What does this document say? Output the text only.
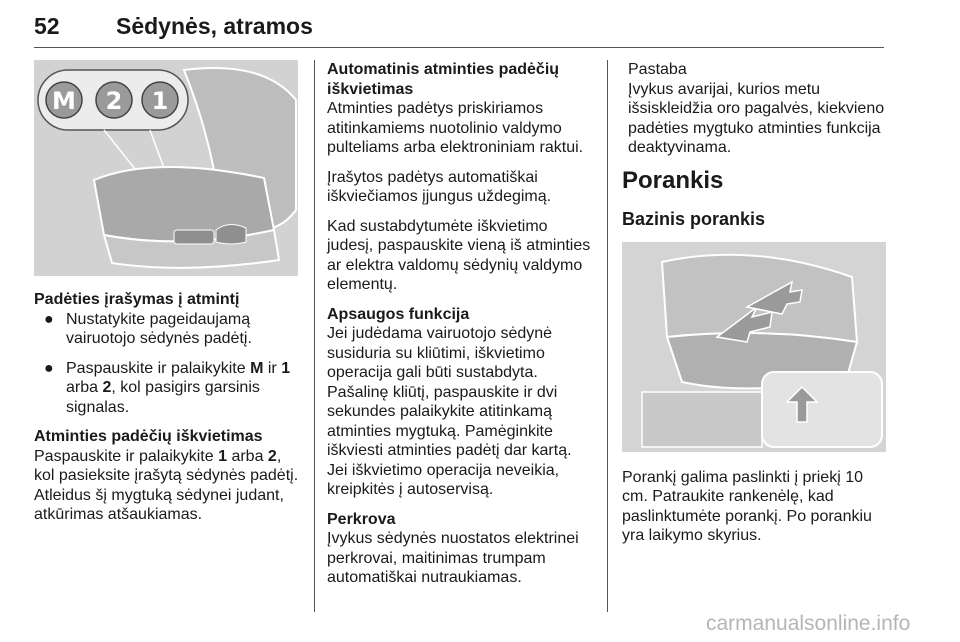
52 Sėdynės, atramos
M 2 1
Padėties įrašymas į atmintį
● Nustatykite pageidaujamą vairuotojo sėdynės padėtį.
● Paspauskite ir palaikykite M ir 1 arba 2, kol pasigirs garsinis signalas.
Atminties padėčių iškvietimas

Paspauskite ir palaikykite 1 arba 2, kol pasieksite įrašytą sėdynės padėtį. Atleidus šį mygtuką sėdynei judant, atkūrimas atšaukiamas.

Automatinis atminties padėčių iškvietimas

Atminties padėtys priskiriamos atitinkamiems nuotolinio valdymo pulteliams arba elektroniniam raktui.

Įrašytos padėtys automatiškai iškviečiamos įjungus uždegimą.

Kad sustabdytumėte iškvietimo judesį, paspauskite vieną iš atminties ar elektra valdomų sėdynių valdymo elementų.

Apsaugos funkcija

Jei judėdama vairuotojo sėdynė susiduria su kliūtimi, iškvietimo operacija gali būti sustabdyta. Pašalinę kliūtį, paspauskite ir dvi sekundes palaikykite atitinkamą atminties mygtuką. Pamėginkite iškviesti atminties padėtį dar kartą. Jei iškvietimo operacija neveikia, kreipkitės į autoservisą.

Perkrova

Įvykus sėdynės nuostatos elektrinei perkrovai, maitinimas trumpam automatiškai nutraukiamas.

Pastaba

Įvykus avarijai, kurios metu išsiskleidžia oro pagalvės, kiekvieno padėties mygtuko atminties funkcija deaktyvinama.

Porankis
Bazinis porankis

Porankį galima paslinkti į priekį 10 cm. Patraukite rankenėlę, kad paslinktumėte porankį. Po porankiu yra laikymo skyrius.

carmanualsonline.info
